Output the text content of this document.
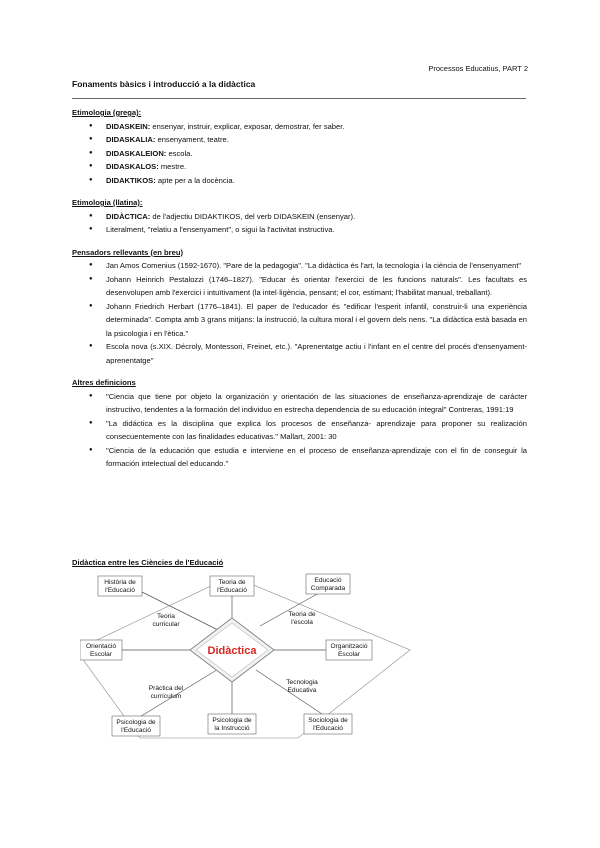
Processos Educatius, PART 2
Fonaments bàsics i introducció a la didàctica

Etimologia (grega):

● DIDASKEIN: ensenyar, instruir, explicar, exposar, demostrar, fer saber.
● DIDASKALIA: ensenyament, teatre.
● DIDASKALEION: escola.
● DIDASKALOS: mestre.
● DIDAKTIKOS: apte per a la docència.

Etimologia (llatina):

● DIDÀCTICA: de l'adjectiu DIDAKTIKOS, del verb DIDASKEIN (ensenyar).
● Literalment, "relatiu a l'ensenyament", o sigui la l'activitat instructiva.

Pensadors rellevants (en breu)

● Jan Amos Comenius (1592-1670). "Pare de la pedagogia". "La didàctica és l'art, la tecnologia i la ciència de l'ensenyament"
● Johann Heinrich Pestalozzi (1746–1827). "Educar és orientar l'exercici de les funcions naturals". Les facultats es desenvolupen amb l'exercici i intuïtivament (la intel·ligència, pensant; el cor, estimant; l'habilitat manual, treballant).
● Johann Friedrich Herbart (1776–1841). El paper de l'educador és "edificar l'esperit infantil, construir-li una experiència determinada". Compta amb 3 grans mitjans: la instrucció, la cultura moral i el govern dels nens. "La didàctica està basada en la psicologia i en l'ètica."
● Escola nova (s.XIX. Décroly, Montessori, Freinet, etc.). "Aprenentatge actiu i l'infant en el centre del procés d'ensenyament-aprenentatge"

Altres definicions

● "Ciencia que tiene por objeto la organización y orientación de las situaciones de enseñanza-aprendizaje de carácter instructivo, tendentes a la formación del individuo en estrecha dependencia de su educación integral" Contreras, 1991:19
● "La didáctica es la disciplina que explica los procesos de enseñanza- aprendizaje para proponer su realización consecuentemente con las finalidades educativas." Mallart, 2001: 30
● "Ciencia de la educación que estudia e interviene en el proceso de enseñanza-aprendizaje con el fin de conseguir la formación intelectual del educando."
Didàctica entre les Ciències de l'Educació
Didàctica
Història de
l'Educació
Teoria de
l'Educació
Educació
Comparada
Orientació
Escolar
Organització
Escolar
Psicologia de
l'Educació
Psicologia de
la Instrucció
Sociologia de
l'Educació
Teoria
curricular
Teoria de
l'escola
Pràctica del
currículum
Tecnologia
Educativa
